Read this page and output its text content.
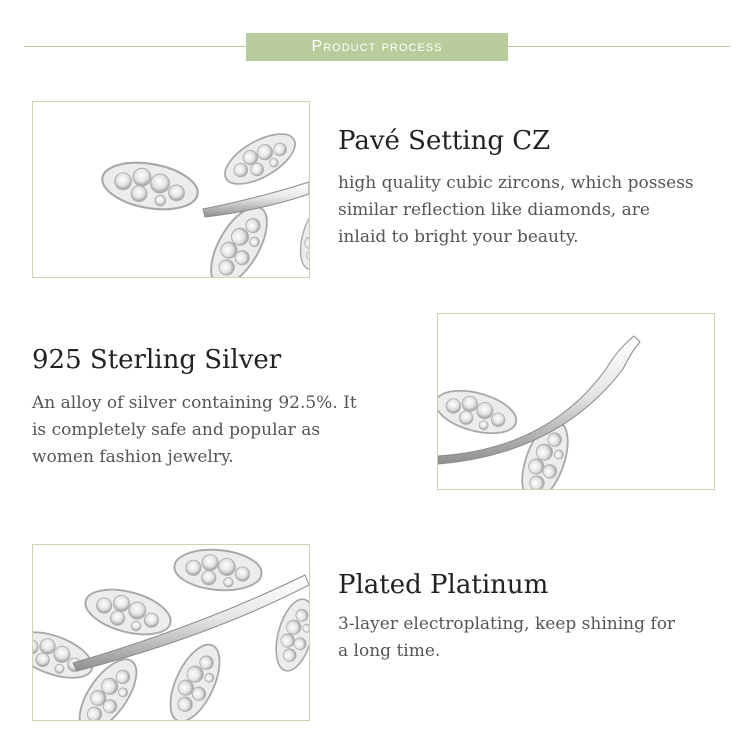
Product process
Pavé Setting CZ
high quality cubic zircons, which possess
similar reflection like diamonds, are
inlaid to bright your beauty.
925 Sterling Silver
An alloy of silver containing 92.5%. It
is completely safe and popular as
women fashion jewelry.
Plated Platinum
3-layer electroplating, keep shining for
a long time.
